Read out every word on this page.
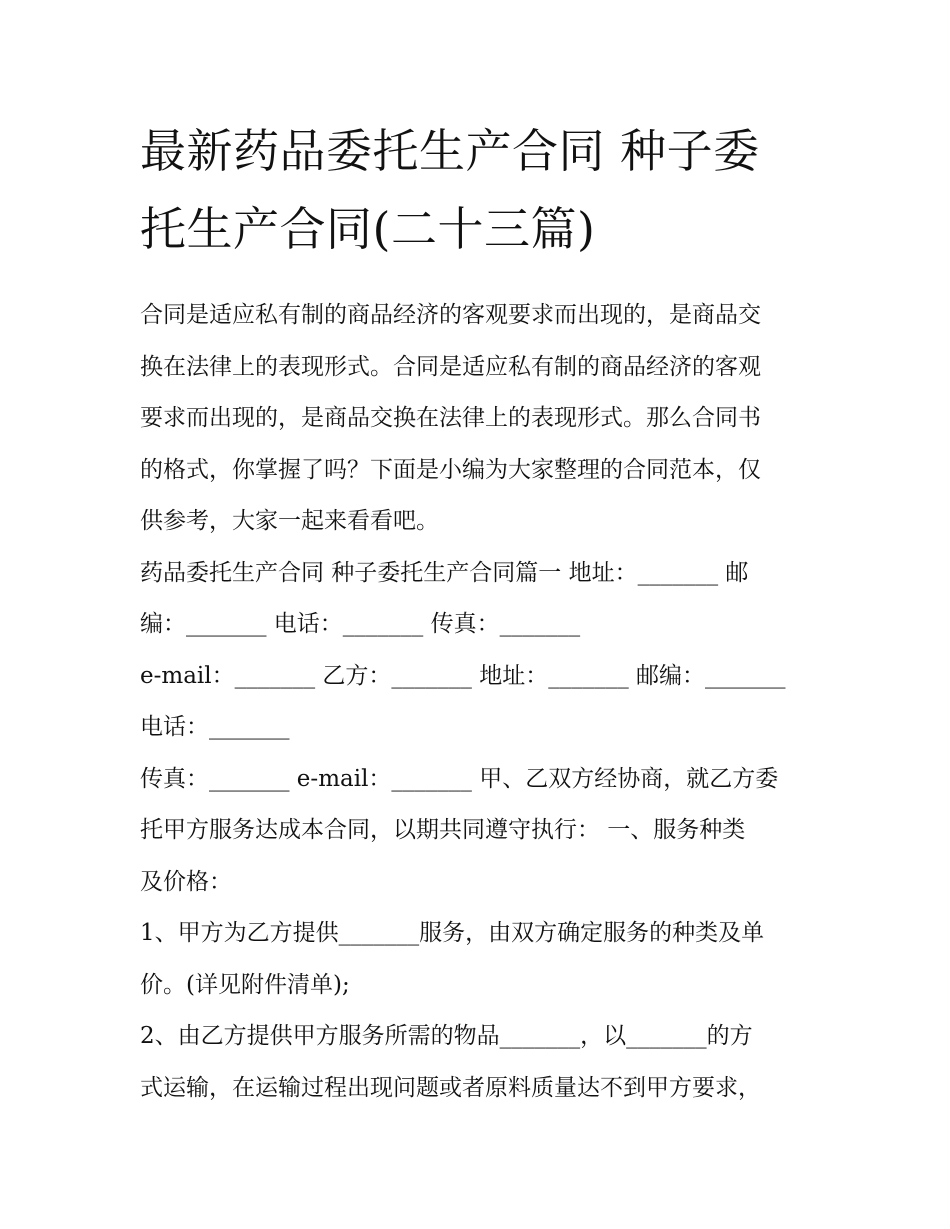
最新药品委托生产合同 种子委
托生产合同(二十三篇)
合同是适应私有制的商品经济的客观要求而出现的，是商品交
换在法律上的表现形式。合同是适应私有制的商品经济的客观
要求而出现的，是商品交换在法律上的表现形式。那么合同书
的格式，你掌握了吗？下面是小编为大家整理的合同范本，仅
供参考，大家一起来看看吧。
药品委托生产合同 种子委托生产合同篇一 地址：_______ 邮
编：_______ 电话：_______ 传真：_______
e-mail：_______ 乙方：_______ 地址：_______ 邮编：_______
电话：_______
传真：_______ e-mail：_______ 甲、乙双方经协商，就乙方委
托甲方服务达成本合同，以期共同遵守执行： 一、服务种类
及价格：
1、甲方为乙方提供_______服务，由双方确定服务的种类及单
价。(详见附件清单);
2、由乙方提供甲方服务所需的物品_______，以_______的方
式运输，在运输过程出现问题或者原料质量达不到甲方要求，
